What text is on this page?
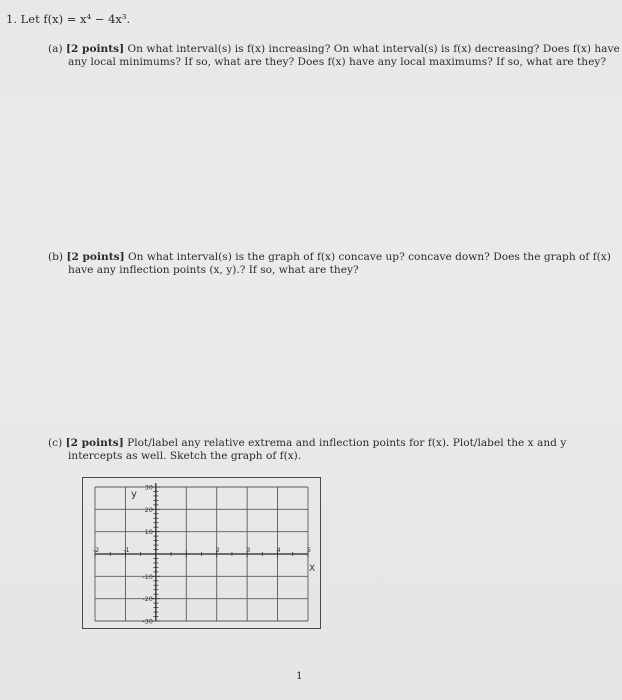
1. Let f(x) = x⁴ − 4x³.
(a) [2 points] On what interval(s) is f(x) increasing? On what interval(s) is f(x) decreasing? Does f(x) have any local minimums? If so, what are they? Does f(x) have any local maximums? If so, what are they?
(b) [2 points] On what interval(s) is the graph of f(x) concave up? concave down? Does the graph of f(x) have any inflection points (x, y).? If so, what are they?
(c) [2 points] Plot/label any relative extrema and inflection points for f(x). Plot/label the x and y intercepts as well. Sketch the graph of f(x).
-2	-1	2	3	4	5
30
20
10
-10
-20
-30
X
y
1
